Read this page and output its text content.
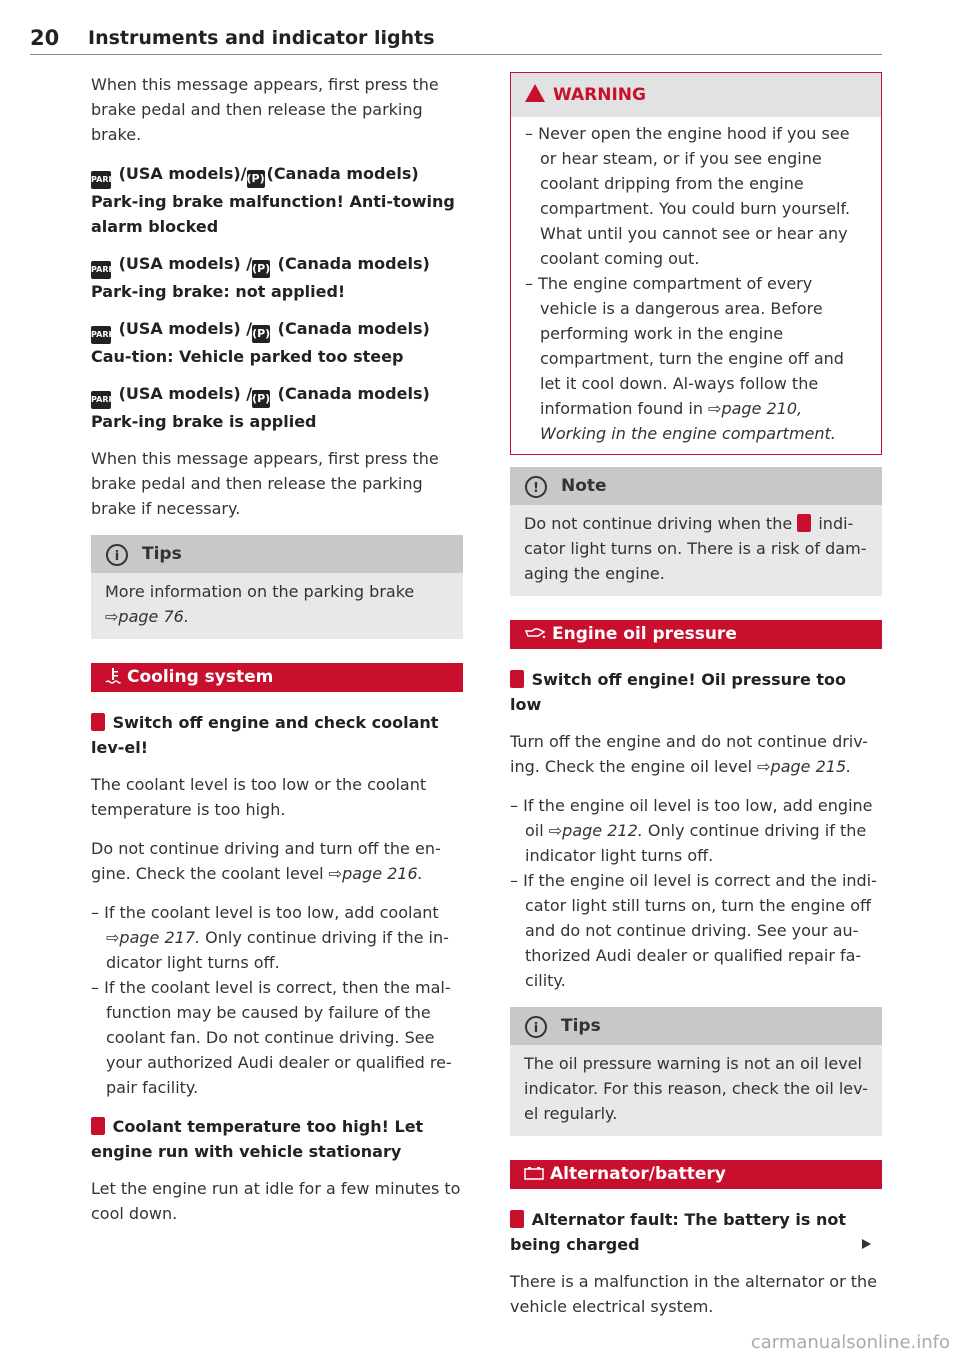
20 Instruments and indicator lights

When this message appears, first press the brake pedal and then release the parking brake.

PARK (USA models)/(P) (Canada models) Park-ing brake malfunction! Anti-towing alarm blocked

PARK (USA models) /(P) (Canada models) Park-ing brake: not applied!

PARK (USA models) /(P) (Canada models) Cau-tion: Vehicle parked too steep

PARK (USA models) /(P) (Canada models) Park-ing brake is applied

When this message appears, first press the brake pedal and then release the parking brake if necessary.

i Tips

More information on the parking brake
⇨page 76.

Cooling system

Switch off engine and check coolant lev-el!

The coolant level is too low or the coolant temperature is too high.

Do not continue driving and turn off the en-gine. Check the coolant level ⇨page 216.

– If the coolant level is too low, add coolant ⇨page 217. Only continue driving if the in-dicator light turns off.
– If the coolant level is correct, then the mal-function may be caused by failure of the coolant fan. Do not continue driving. See your authorized Audi dealer or qualified re-pair facility.

Coolant temperature too high! Let engine run with vehicle stationary

Let the engine run at idle for a few minutes to cool down.

WARNING
– Never open the engine hood if you see or hear steam, or if you see engine coolant dripping from the engine compartment. You could burn yourself. What until you cannot see or hear any coolant coming out.
– The engine compartment of every vehicle is a dangerous area. Before performing work in the engine compartment, turn the engine off and let it cool down. Al-ways follow the information found in ⇨page 210, Working in the engine compartment.
! Note

Do not continue driving when the  indi-cator light turns on. There is a risk of dam-aging the engine.

Engine oil pressure

Switch off engine! Oil pressure too low

Turn off the engine and do not continue driv-ing. Check the engine oil level ⇨page 215.

– If the engine oil level is too low, add engine oil ⇨page 212. Only continue driving if the indicator light turns off.
– If the engine oil level is correct and the indi-cator light still turns on, turn the engine off and do not continue driving. See your au-thorized Audi dealer or qualified repair fa-cility.
i Tips

The oil pressure warning is not an oil level indicator. For this reason, check the oil lev-el regularly.

Alternator/battery

Alternator fault: The battery is not being charged

There is a malfunction in the alternator or the vehicle electrical system.

carmanualsonline.info
